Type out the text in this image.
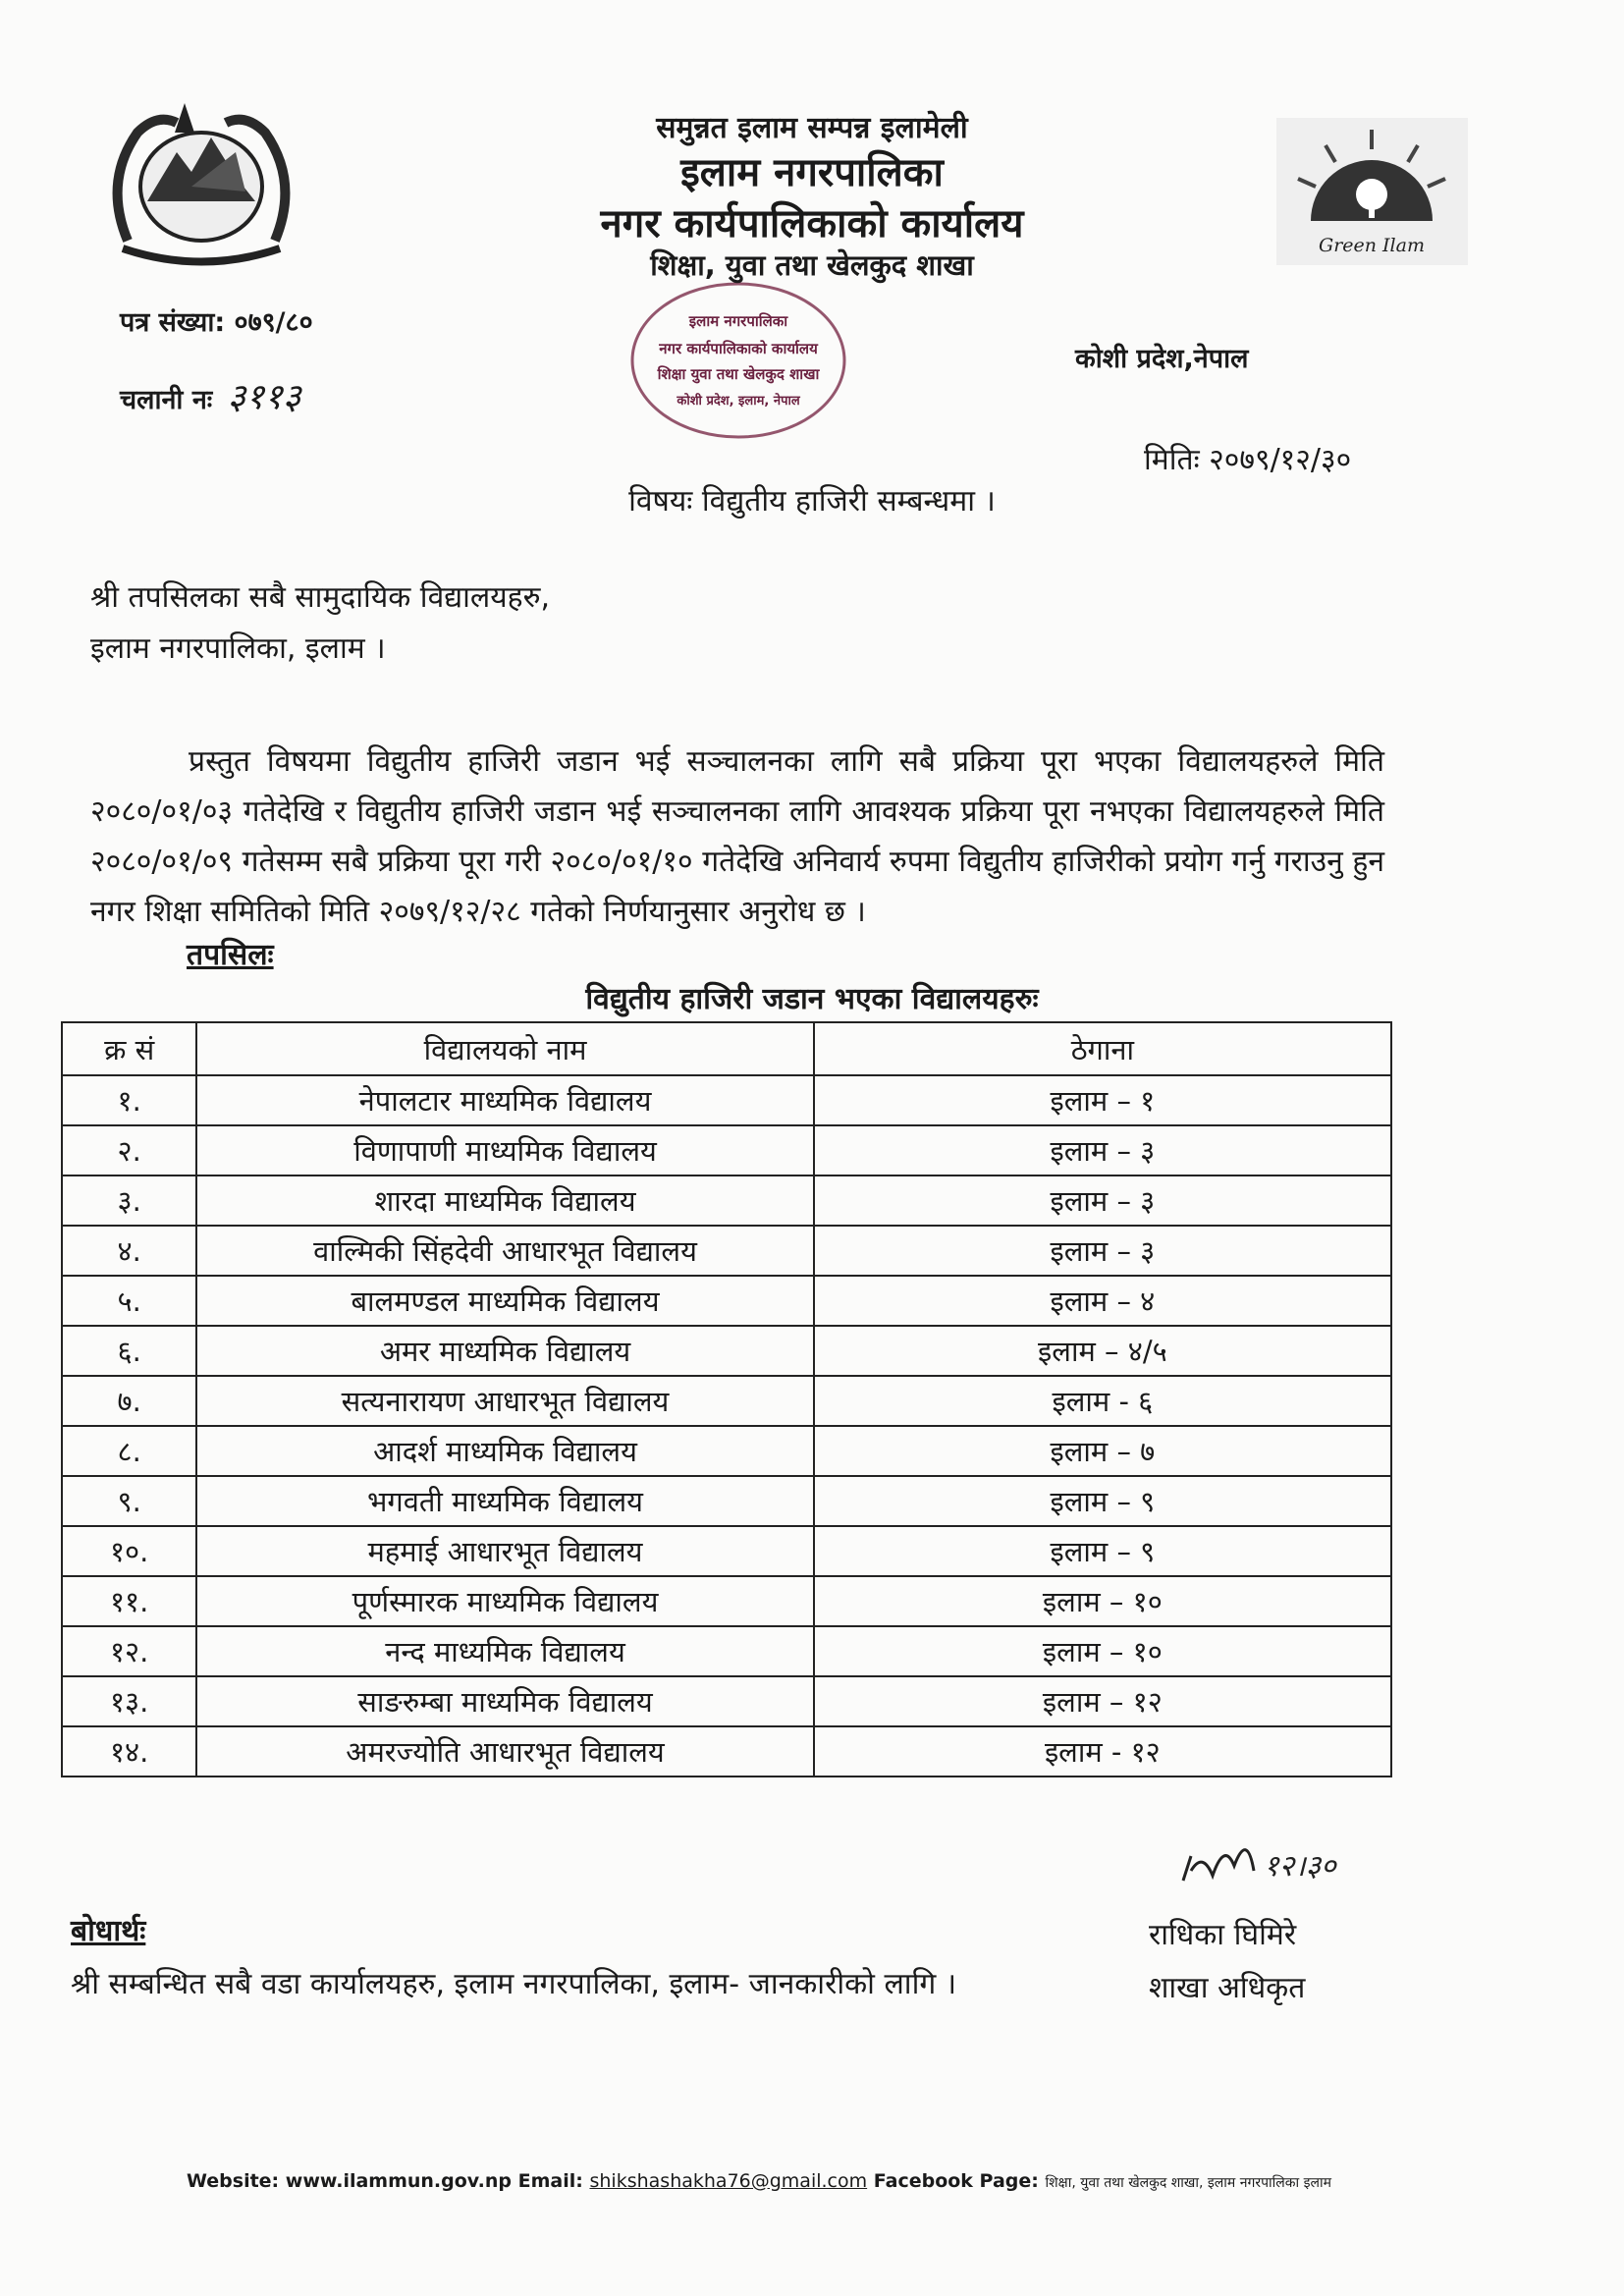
Green Ilam
इलाम नगरपालिका
नगर कार्यपालिकाको कार्यालय
शिक्षा युवा तथा खेलकुद शाखा
कोशी प्रदेश, इलाम, नेपाल
समुन्नत इलाम सम्पन्न इलामेली
इलाम नगरपालिका
नगर कार्यपालिकाको कार्यालय
शिक्षा, युवा तथा खेलकुद शाखा
पत्र संख्या: ०७९/८०
चलानी नः ३११३
कोशी प्रदेश,नेपाल
मितिः २०७९/१२/३०
विषयः विद्युतीय हाजिरी सम्बन्धमा ।
श्री तपसिलका सबै सामुदायिक विद्यालयहरु,
इलाम नगरपालिका, इलाम ।
प्रस्तुत विषयमा विद्युतीय हाजिरी जडान भई सञ्चालनका लागि सबै प्रक्रिया पूरा भएका विद्यालयहरुले मिति २०८०/०१/०३ गतेदेखि र विद्युतीय हाजिरी जडान भई सञ्चालनका लागि आवश्यक प्रक्रिया पूरा नभएका विद्यालयहरुले मिति २०८०/०१/०९ गतेसम्म सबै प्रक्रिया पूरा गरी २०८०/०१/१० गतेदेखि अनिवार्य रुपमा विद्युतीय हाजिरीको प्रयोग गर्नु गराउनु हुन नगर शिक्षा समितिको मिति २०७९/१२/२८ गतेको निर्णयानुसार अनुरोध छ ।
तपसिलः
विद्युतीय हाजिरी जडान भएका विद्यालयहरुः
क्र सं	विद्यालयको नाम	ठेगाना
१.	नेपालटार माध्यमिक विद्यालय	इलाम – १
२.	विणापाणी माध्यमिक विद्यालय	इलाम – ३
३.	शारदा माध्यमिक विद्यालय	इलाम – ३
४.	वाल्मिकी सिंहदेवी आधारभूत विद्यालय	इलाम – ३
५.	बालमण्डल माध्यमिक विद्यालय	इलाम – ४
६.	अमर माध्यमिक विद्यालय	इलाम – ४/५
७.	सत्यनारायण आधारभूत विद्यालय	इलाम - ६
८.	आदर्श माध्यमिक विद्यालय	इलाम – ७
९.	भगवती माध्यमिक विद्यालय	इलाम – ९
१०.	महमाई आधारभूत विद्यालय	इलाम – ९
११.	पूर्णस्मारक माध्यमिक विद्यालय	इलाम – १०
१२.	नन्द माध्यमिक विद्यालय	इलाम – १०
१३.	साङरुम्बा माध्यमिक विद्यालय	इलाम – १२
१४.	अमरज्योति आधारभूत विद्यालय	इलाम - १२
१२।३०
राधिका घिमिरे
शाखा अधिकृत
बोधार्थः
श्री सम्बन्धित सबै वडा कार्यालयहरु, इलाम नगरपालिका, इलाम- जानकारीको लागि ।
Website: www.ilammun.gov.np Email: shikshashakha76@gmail.com Facebook Page: शिक्षा, युवा तथा खेलकुद शाखा, इलाम नगरपालिका इलाम
